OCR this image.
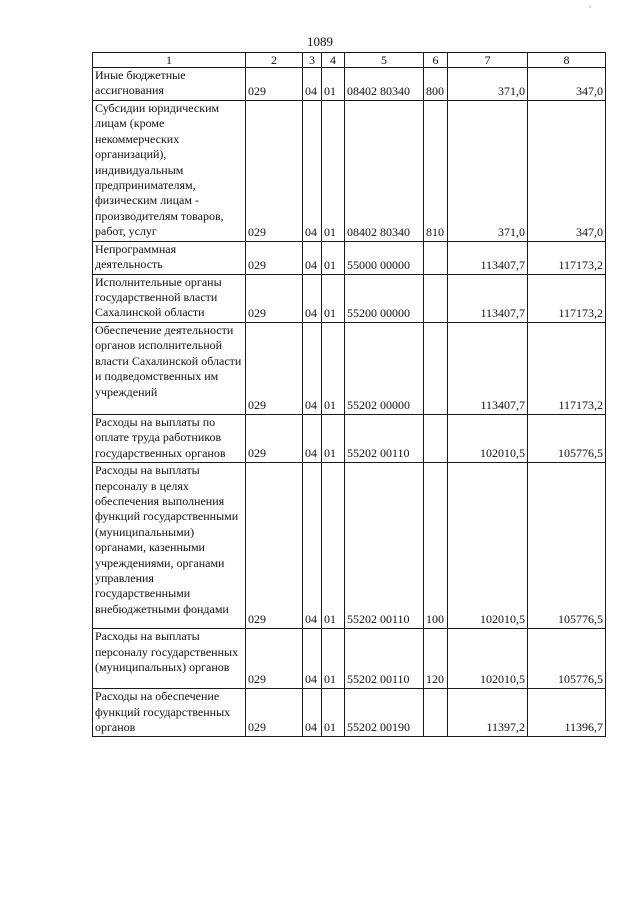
′
1089
1	2	3	4	5	6	7	8
Иные бюджетные ассигнования	029	04	01	08402 80340	800	371,0	347,0
Субсидии юридическим лицам (кроме некоммерческих организаций), индивидуальным предпринимателям, физическим лицам - производителям товаров, работ, услуг	029	04	01	08402 80340	810	371,0	347,0
Непрограммная деятельность	029	04	01	55000 00000		113407,7	117173,2
Исполнительные органы государственной власти Сахалинской области	029	04	01	55200 00000		113407,7	117173,2
Обеспечение деятельности органов исполнительной власти Сахалинской области и подведомственных им учреждений	029	04	01	55202 00000		113407,7	117173,2
Расходы на выплаты по оплате труда работников государственных органов	029	04	01	55202 00110		102010,5	105776,5
Расходы на выплаты персоналу в целях обеспечения выполнения функций государственными (муниципальными) органами, казенными учреждениями, органами управления государственными внебюджетными фондами	029	04	01	55202 00110	100	102010,5	105776,5
Расходы на выплаты персоналу государственных (муниципальных) органов	029	04	01	55202 00110	120	102010,5	105776,5
Расходы на обеспечение функций государственных органов	029	04	01	55202 00190		11397,2	11396,7
